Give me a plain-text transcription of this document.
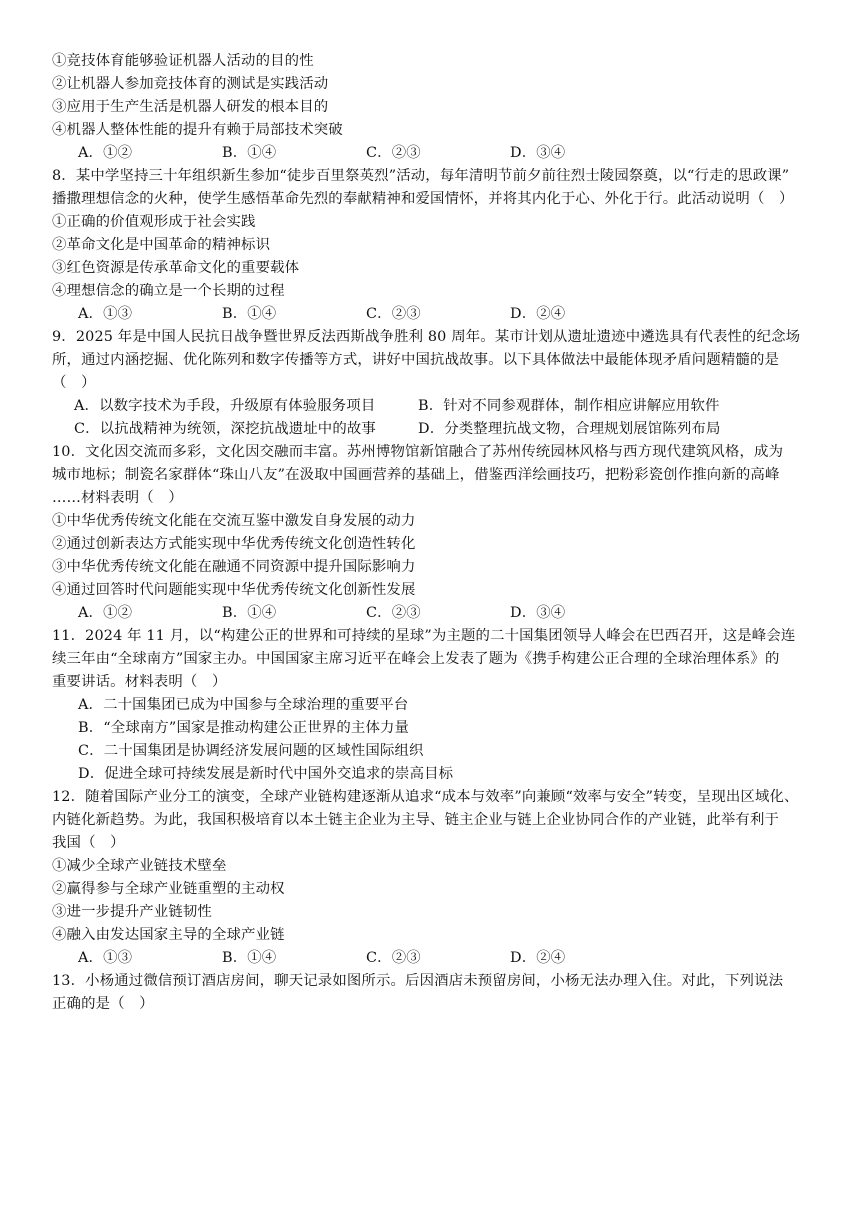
①竞技体育能够验证机器人活动的目的性
②让机器人参加竞技体育的测试是实践活动
③应用于生产生活是机器人研发的根本目的
④机器人整体性能的提升有赖于局部技术突破
A．①②	B．①④	C．②③	D．③④
8．某中学坚持三十年组织新生参加“徒步百里祭英烈”活动，每年清明节前夕前往烈士陵园祭奠，以“行走的思政课”
播撒理想信念的火种，使学生感悟革命先烈的奉献精神和爱国情怀，并将其内化于心、外化于行。此活动说明（　）
①正确的价值观形成于社会实践
②革命文化是中国革命的精神标识
③红色资源是传承革命文化的重要载体
④理想信念的确立是一个长期的过程
A．①③	B．①④	C．②③	D．②④
9．2025 年是中国人民抗日战争暨世界反法西斯战争胜利 80 周年。某市计划从遗址遗迹中遴选具有代表性的纪念场
所，通过内涵挖掘、优化陈列和数字传播等方式，讲好中国抗战故事。以下具体做法中最能体现矛盾问题精髓的是
（　）
A．以数字技术为手段，升级原有体验服务项目	B．针对不同参观群体，制作相应讲解应用软件
C．以抗战精神为统领，深挖抗战遗址中的故事	D．分类整理抗战文物，合理规划展馆陈列布局
10．文化因交流而多彩，文化因交融而丰富。苏州博物馆新馆融合了苏州传统园林风格与西方现代建筑风格，成为
城市地标；制瓷名家群体“珠山八友”在汲取中国画营养的基础上，借鉴西洋绘画技巧，把粉彩瓷创作推向新的高峰
……材料表明（　）
①中华优秀传统文化能在交流互鉴中激发自身发展的动力
②通过创新表达方式能实现中华优秀传统文化创造性转化
③中华优秀传统文化能在融通不同资源中提升国际影响力
④通过回答时代问题能实现中华优秀传统文化创新性发展
A．①②	B．①④	C．②③	D．③④
11．2024 年 11 月，以“构建公正的世界和可持续的星球”为主题的二十国集团领导人峰会在巴西召开，这是峰会连
续三年由“全球南方”国家主办。中国国家主席习近平在峰会上发表了题为《携手构建公正合理的全球治理体系》的
重要讲话。材料表明（　）
A．二十国集团已成为中国参与全球治理的重要平台
B．“全球南方”国家是推动构建公正世界的主体力量
C．二十国集团是协调经济发展问题的区域性国际组织
D．促进全球可持续发展是新时代中国外交追求的崇高目标
12．随着国际产业分工的演变，全球产业链构建逐渐从追求“成本与效率”向兼顾“效率与安全”转变，呈现出区域化、
内链化新趋势。为此，我国积极培育以本土链主企业为主导、链主企业与链上企业协同合作的产业链，此举有利于
我国（　）
①减少全球产业链技术壁垒
②赢得参与全球产业链重塑的主动权
③进一步提升产业链韧性
④融入由发达国家主导的全球产业链
A．①③	B．①④	C．②③	D．②④
13．小杨通过微信预订酒店房间，聊天记录如图所示。后因酒店未预留房间，小杨无法办理入住。对此，下列说法
正确的是（　）
